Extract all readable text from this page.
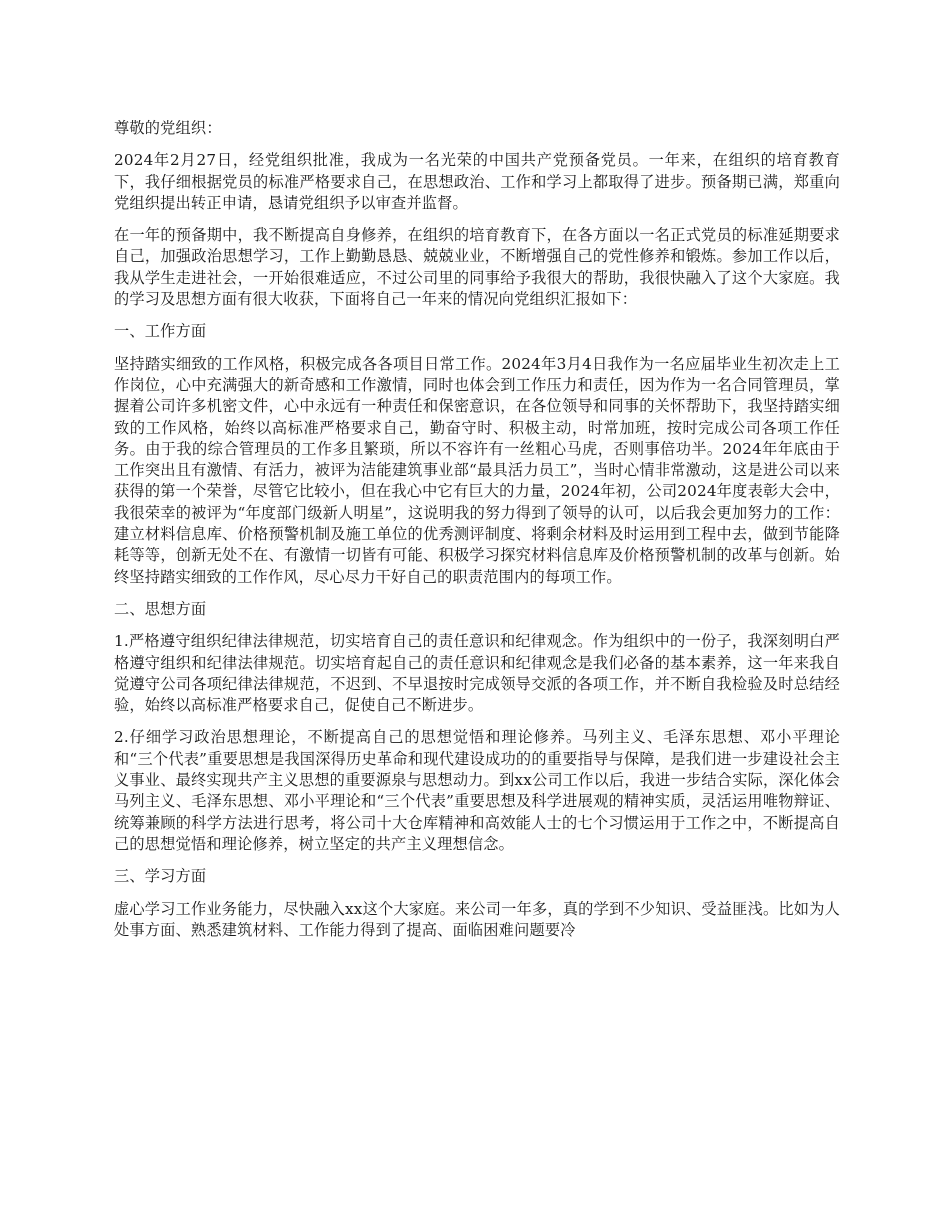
尊敬的党组织：

2024年2月27日，经党组织批准，我成为一名光荣的中国共产党预备党员。一年来，在组织的培育教育下，我仔细根据党员的标准严格要求自己，在思想政治、工作和学习上都取得了进步。预备期已满，郑重向党组织提出转正申请，恳请党组织予以审查并监督。

在一年的预备期中，我不断提高自身修养，在组织的培育教育下，在各方面以一名正式党员的标准延期要求自己，加强政治思想学习，工作上勤勤恳恳、兢兢业业，不断增强自己的党性修养和锻炼。参加工作以后，我从学生走进社会，一开始很难适应，不过公司里的同事给予我很大的帮助，我很快融入了这个大家庭。我的学习及思想方面有很大收获，下面将自己一年来的情况向党组织汇报如下：

一、工作方面

坚持踏实细致的工作风格，积极完成各各项目日常工作。2024年3月4日我作为一名应届毕业生初次走上工作岗位，心中充满强大的新奇感和工作激情，同时也体会到工作压力和责任，因为作为一名合同管理员，掌握着公司许多机密文件，心中永远有一种责任和保密意识，在各位领导和同事的关怀帮助下，我坚持踏实细致的工作风格，始终以高标准严格要求自己，勤奋守时、积极主动，时常加班，按时完成公司各项工作任务。由于我的综合管理员的工作多且繁琐，所以不容许有一丝粗心马虎，否则事倍功半。2024年年底由于工作突出且有激情、有活力，被评为洁能建筑事业部“最具活力员工”，当时心情非常激动，这是进公司以来获得的第一个荣誉，尽管它比较小，但在我心中它有巨大的力量，2024年初，公司2024年度表彰大会中，我很荣幸的被评为“年度部门级新人明星”，这说明我的努力得到了领导的认可，以后我会更加努力的工作：建立材料信息库、价格预警机制及施工单位的优秀测评制度、将剩余材料及时运用到工程中去，做到节能降耗等等，创新无处不在、有激情一切皆有可能、积极学习探究材料信息库及价格预警机制的改革与创新。始终坚持踏实细致的工作作风，尽心尽力干好自己的职责范围内的每项工作。

二、思想方面

1.严格遵守组织纪律法律规范，切实培育自己的责任意识和纪律观念。作为组织中的一份子，我深刻明白严格遵守组织和纪律法律规范。切实培育起自己的责任意识和纪律观念是我们必备的基本素养，这一年来我自觉遵守公司各项纪律法律规范，不迟到、不早退按时完成领导交派的各项工作，并不断自我检验及时总结经验，始终以高标准严格要求自己，促使自己不断进步。

2.仔细学习政治思想理论，不断提高自己的思想觉悟和理论修养。马列主义、毛泽东思想、邓小平理论和“三个代表”重要思想是我国深得历史革命和现代建设成功的的重要指导与保障，是我们进一步建设社会主义事业、最终实现共产主义思想的重要源泉与思想动力。到xx公司工作以后，我进一步结合实际，深化体会马列主义、毛泽东思想、邓小平理论和“三个代表”重要思想及科学进展观的精神实质，灵活运用唯物辩证、统筹兼顾的科学方法进行思考，将公司十大仓库精神和高效能人士的七个习惯运用于工作之中，不断提高自己的思想觉悟和理论修养，树立坚定的共产主义理想信念。

三、学习方面

虚心学习工作业务能力，尽快融入xx这个大家庭。来公司一年多，真的学到不少知识、受益匪浅。比如为人处事方面、熟悉建筑材料、工作能力得到了提高、面临困难问题要冷
